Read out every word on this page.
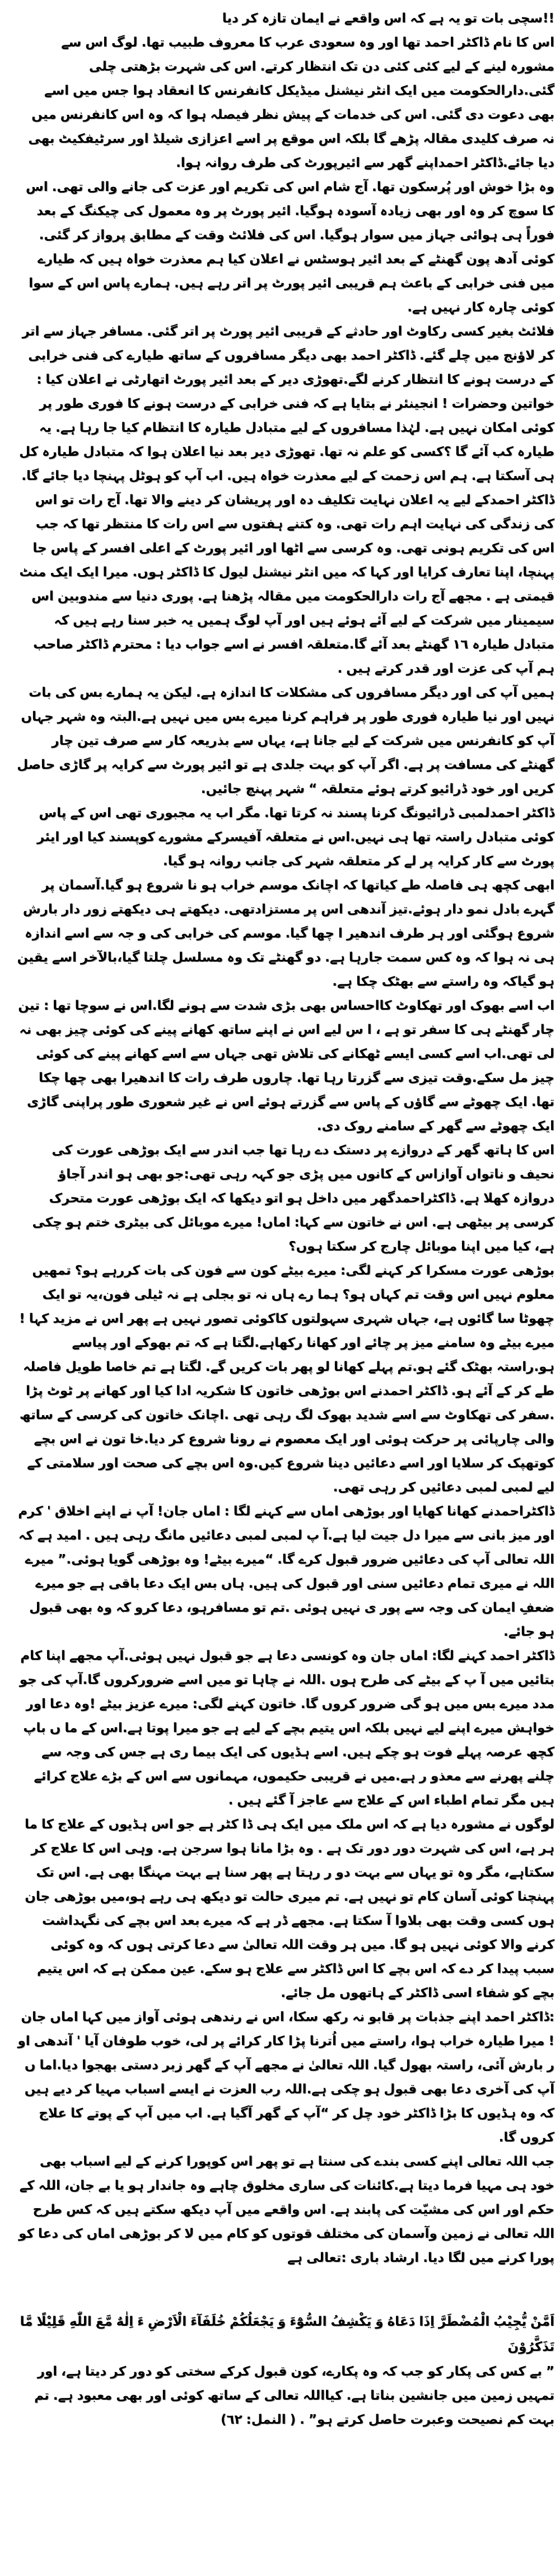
!!سچی بات تو یہ ہے کہ اس واقعے نے ایمان تازہ کر دیا

اس کا نام ڈاکٹر احمد تھا اور وہ سعودی عرب کا معروف طبیب تھا. لوگ اس سے مشورہ لینے کے لیے کئی کئی دن تک انتظار کرتے. اس کی شہرت بڑھتی چلی گئی.دارالحکومت میں ایک انٹر نیشنل میڈیکل کانفرنس کا انعقاد ہوا جس میں اسے بھی دعوت دی گئی. اس کی خدمات کے پیش نظر فیصلہ ہوا کہ وہ اس کانفرنس میں نہ صرف کلیدی مقالہ پڑھے گا بلکہ اس موقع پر اسے اعزازی شیلڈ اور سرٹیفکیٹ بھی دیا جائے.ڈاکٹر احمداپنے گھر سے ائیرپورٹ کی طرف روانہ ہوا.

وہ بڑا خوش اور پُرسکون تھا. آج شام اس کی تکریم اور عزت کی جانے والی تھی. اس کا سوچ کر وہ اور بھی زیادہ آسودہ ہوگیا. ائیر پورٹ پر وہ معمول کی چیکنگ کے بعد فوراً ہی ہوائی جہاز میں سوار ہوگیا. اس کی فلائٹ وقت کے مطابق پرواز کر گئی. کوئی آدھ پون گھنٹے کے بعد ائیر ہوسٹس نے اعلان کیا ہم معذرت خواہ ہیں کہ طیارے میں فنی خرابی کے باعث ہم قریبی ائیر پورٹ پر اتر رہے ہیں. ہمارے پاس اس کے سوا کوئی چارہ کار نہیں ہے.

فلائٹ بغیر کسی رکاوٹ اور حادثے کے قریبی ائیر پورٹ پر اتر گئی. مسافر جہاز سے اتر کر لاؤنج میں چلے گئے. ڈاکٹر احمد بھی دیگر مسافروں کے ساتھ طیارے کی فنی خرابی کے درست ہونے کا انتظار کرنے لگے.تھوڑی دیر کے بعد ائیر پورٹ اتھارٹی نے اعلان کیا : خواتین وحضرات ! انجینئر نے بتایا ہے کہ فنی خرابی کے درست ہونے کا فوری طور پر کوئی امکان نہیں ہے. لہٰذا مسافروں کے لیے متبادل طیارہ کا انتظام کیا جا رہا ہے. یہ طیارہ کب آئے گا ؟کسی کو علم نہ تھا. تھوڑی دیر بعد نیا اعلان ہوا کہ متبادل طیارہ کل ہی آسکتا ہے. ہم اس زحمت کے لیے معذرت خواہ ہیں. اب آپ کو ہوٹل پہنچا دیا جائے گا.

ڈاکٹر احمدکے لیے یہ اعلان نہایت تکلیف دہ اور پریشان کر دینے والا تھا. آج رات تو اس کی زندگی کی نہایت اہم رات تھی. وہ کتنے ہفتوں سے اس رات کا منتظر تھا کہ جب اس کی تکریم ہونی تھی. وہ کرسی سے اٹھا اور ائیر پورٹ کے اعلی افسر کے پاس جا پہنچا، اپنا تعارف کرایا اور کہا کہ میں انٹر نیشنل لیول کا ڈاکٹر ہوں. میرا ایک ایک منٹ قیمتی ہے . مجھے آج رات دارالحکومت میں مقالہ پڑھنا ہے. پوری دنیا سے مندوبین اس سیمینار میں شرکت کے لیے آئے ہوئے ہیں اور آپ لوگ ہمیں یہ خبر سنا رہے ہیں کہ متبادل طیارہ ١٦ گھنٹے بعد آئے گا.متعلقہ افسر نے اسے جواب دیا : محترم ڈاکٹر صاحب ہم آپ کی عزت اور قدر کرتے ہیں .

ہمیں آپ کی اور دیگر مسافروں کی مشکلات کا اندازہ ہے. لیکن یہ ہمارے بس کی بات نہیں اور نیا طیارہ فوری طور پر فراہم کرنا میرے بس میں نہیں ہے.البتہ وہ شہر جہاں آپ کو کانفرنس میں شرکت کے لیے جانا ہے، یہاں سے بذریعہ کار سے صرف تین چار گھنٹے کی مسافت پر ہے. اگر آپ کو بہت جلدی ہے تو ائیر پورٹ سے کرایہ پر گاڑی حاصل کریں اور خود ڈرائیو کرتے ہوئے متعلقہ “ شہر پہنچ جائیں.

ڈاکٹر احمدلمبی ڈرائیونگ کرنا پسند نہ کرتا تھا. مگر اب یہ مجبوری تھی اس کے پاس کوئی متبادل راستہ تھا ہی نہیں.اس نے متعلقہ آفیسرکے مشورے کوپسند کیا اور ایئر پورٹ سے کار کرایہ پر لے کر متعلقہ شہر کی جانب روانہ ہو گیا.

ابھی کچھ ہی فاصلہ طے کیاتھا کہ اچانک موسم خراب ہو نا شروع ہو گیا.آسمان پر گہرے بادل نمو دار ہوئے.تیز آندھی اس پر مستزادتھی. دیکھتے ہی دیکھتے زور دار بارش شروع ہوگئی اور ہر طرف اندھیر ا چھا گیا. موسم کی خرابی کی و جہ سے اسے اندازہ ہی نہ ہوا کہ وہ کس سمت جارہا ہے. دو گھنٹے تک وہ مسلسل چلتا گیا،بالآخر اسے یقین ہو گیاکہ وہ راستے سے بھٹک چکا ہے.

اب اسے بھوک اور تھکاوٹ کااحساس بھی بڑی شدت سے ہونے لگا.اس نے سوچا تھا : تین چار گھنٹے ہی کا سفر تو ہے ، ا س لیے اس نے اپنے ساتھ کھانے پینے کی کوئی چیز بھی نہ لی تھی.اب اسے کسی ایسے ٹھکانے کی تلاش تھی جہاں سے اسے کھانے پینے کی کوئی چیز مل سکے.وقت تیزی سے گزرتا رہا تھا. چاروں طرف رات کا اندھیرا بھی چھا چکا تھا. ایک چھوٹے سے گاؤں کے پاس سے گزرتے ہوئے اس نے غیر شعوری طور پراپنی گاڑی ایک چھوٹے سے گھر کے سامنے روک دی.

اس کا ہاتھ گھر کے دروازے پر دستک دے رہا تھا جب اندر سے ایک بوڑھی عورت کی نحیف و ناتواں آوازاس کے کانوں میں پڑی جو کہہ رہی تھی:جو بھی ہو اندر آجاؤ دروازہ کھلا ہے. ڈاکٹراحمدگھر میں داخل ہو اتو دیکھا کہ ایک بوڑھی عورت متحرک کرسی پر بیٹھی ہے. اس نے خاتون سے کہا: اماں! میرے موبائل کی بیٹری ختم ہو چکی ہے، کیا میں اپنا موبائل چارج کر سکتا ہوں؟

بوڑھی عورت مسکرا کر کہنے لگی: میرے بیٹے کون سے فون کی بات کررہے ہو؟ تمھیں معلوم نہیں اس وقت تم کہاں ہو؟ ہما رے ہاں نہ تو بجلی ہے نہ ٹیلی فون،یہ تو ایک چھوٹا سا گائوں ہے، جہاں شہری سہولتوں کاکوئی تصور نہیں ہے پھر اس نے مزید کہا ! میرے بیٹے وہ سامنے میز پر چائے اور کھانا رکھاہے.لگتا ہے کہ تم بھوکے اور پیاسے ہو.راستہ بھٹک گئے ہو.تم پہلے کھانا لو پھر بات کریں گے. لگتا ہے تم خاصا طویل فاصلہ طے کر کے آئے ہو. ڈاکٹر احمدنے اس بوڑھی خاتون کا شکریہ ادا کیا اور کھانے پر ٹوٹ پڑا .سفر کی تھکاوٹ سے اسے شدید بھوک لگ رہی تھی .اچانک خاتون کی کرسی کے ساتھ والی چارپائی پر حرکت ہوئی اور ایک معصوم نے رونا شروع کر دیا.خا تون نے اس بچے کوتھپک کر سلایا اور اسے دعائیں دینا شروع کیں.وہ اس بچے کی صحت اور سلامتی کے لیے لمبی لمبی دعائیں کر رہی تھی.

ڈاکٹراحمدنے کھانا کھایا اور بوڑھی اماں سے کہنے لگا : اماں جان! آپ نے اپنے اخلاق ' کرم اور میز بانی سے میرا دل جیت لیا ہے.آ پ لمبی لمبی دعائیں مانگ رہی ہیں . امید ہے کہ اللہ تعالی آپ کی دعائیں ضرور قبول کرے گا. “میرے بیٹے! وہ بوڑھی گویا ہوئی.” میرے اللہ نے میری تمام دعائیں سنی اور قبول کی ہیں. ہاں بس ایک دعا باقی ہے جو میرے ضعفِ ایمان کی وجہ سے پور ی نہیں ہوئی .تم تو مسافرہو، دعا کرو کہ وہ بھی قبول ہو جائے.

ڈاکٹر احمد کہنے لگا: اماں جان وہ کونسی دعا ہے جو قبول نہیں ہوئی.آپ مجھے اپنا کام بتائیں میں آ پ کے بیٹے کی طرح ہوں .اللہ نے چاہا تو میں اسے ضرورکروں گا.آپ کی جو مدد میرے بس میں ہو گی ضرور کروں گا. خاتون کہنے لگی: میرے عزیز بیٹے !وہ دعا اور خواہش میرے اپنے لیے نہیں بلکہ اس یتیم بچے کے لیے ہے جو میرا پوتا ہے.اس کے ما ں باپ کچھ عرصہ پہلے فوت ہو چکے ہیں. اسے ہڈیوں کی ایک بیما ری ہے جس کی وجہ سے چلنے پھرنے سے معذو ر ہے.میں نے قریبی حکیموں، مہمانوں سے اس کے بڑے علاج کرائے ہیں مگر تمام اطباء اس کے علاج سے عاجز آ گئے ہیں .

لوگوں نے مشورہ دیا ہے کہ اس ملک میں ایک ہی ڈا کٹر ہے جو اس ہڈیوں کے علاج کا ما ہر ہے، اس کی شہرت دور دور تک ہے . وہ بڑا مانا ہوا سرجن ہے. وہی اس کا علاج کر سکتاہے، مگر وہ تو یہاں سے بہت دو ر رہتا ہے پھر سنا ہے بہت مہنگا بھی ہے. اس تک پہنچنا کوئی آسان کام تو نہیں ہے. تم میری حالت تو دیکھ ہی رہے ہو،میں بوڑھی جان ہوں کسی وقت بھی بلاوا آ سکتا ہے. مجھے ڈر ہے کہ میرے بعد اس بچے کی نگہداشت کرنے والا کوئی نہیں ہو گا. میں ہر وقت اللہ تعالیٰ سے دعا کرتی ہوں کہ وہ کوئی سبب پیدا کر دے کہ اس بچے کا اس ڈاکٹر سے علاج ہو سکے. عین ممکن ہے کہ اس یتیم بچے کو شفاء اسی ڈاکٹر کے ہاتھوں مل جائے.

:ڈاکٹر احمد اپنے جذبات پر قابو نہ رکھ سکا، اس نے رندھی ہوئی آواز میں کہا اماں جان ! میرا طیارہ خراب ہوا، راستے میں اُترنا پڑا کار کرائے پر لی، خوب طوفان آیا ' آندھی او ر بارش آئی، راستہ بھول گیا. اللہ تعالیٰ نے مجھے آپ کے گھر زبر دستی بھجوا دیا.اما ں آپ کی آخری دعا بھی قبول ہو چکی ہے.اللہ رب العزت نے ایسے اسباب مہیا کر دیے ہیں کہ وہ ہڈیوں کا بڑا ڈاکٹر خود چل کر “آپ کے گھر آگیا ہے. اب میں آپ کے پوتے کا علاج کروں گا.

جب اللہ تعالی اپنے کسی بندے کی سنتا ہے تو پھر اس کوپورا کرنے کے لیے اسباب بھی خود ہی مہیا فرما دیتا ہے.کائنات کی ساری مخلوق چاہے وہ جاندار ہو یا بے جان، اللہ کے حکم اور اس کی مشیّت کی پابند ہے. اس واقعے میں آپ دیکھ سکتے ہیں کہ کس طرح اللہ تعالی نے زمین وآسمان کی مختلف قوتوں کو کام میں لا کر بوڑھی اماں کی دعا کو پورا کرنے میں لگا دیا. ارشاد باری :تعالی ہے

اَمَّنْ يُّجِيْبُ الْمُضْطَرَّ اِذَا دَعَاهُ وَ يَكْشِفُ السُّوْٓءَ وَ يَجْعَلُكُمْ خُلَفَآءَ الْاَرْضِ ءَ اِلٰهٌ مَّعَ اللّٰهِ قَلِيْلًا مَّا تَذَكَّرُوْنَ

” بے کس کی پکار کو جب کہ وہ پکارے، کون قبول کرکے سختی کو دور کر دیتا ہے، اور تمہیں زمین میں جانشین بناتا ہے. کیااللہ تعالی کے ساتھ کوئی اور بھی معبود ہے. تم بہت کم نصیحت وعبرت حاصل کرتے ہو” . ( النمل: ٦٢)
